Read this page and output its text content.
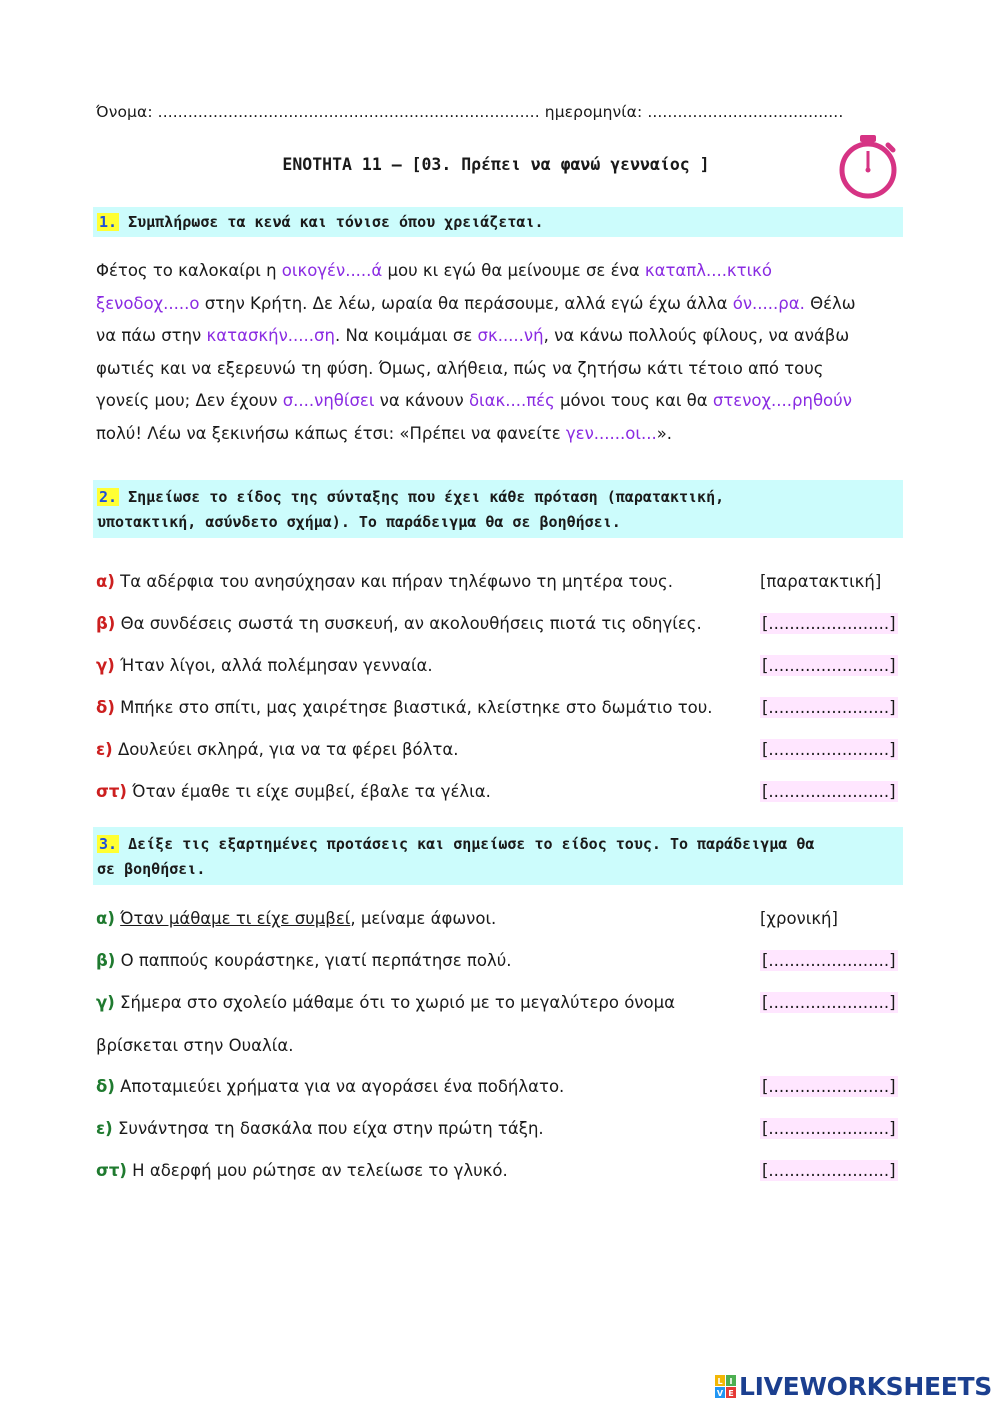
Όνομα: ............................................................................ ημερομηνία: .......................................
ΕΝΟΤΗΤΑ 11 – [03. Πρέπει να φανώ γενναίος ]
1. Συμπλήρωσε τα κενά και τόνισε όπου χρειάζεται.
Φέτος το καλοκαίρι η οικογέν.....ά μου κι εγώ θα μείνουμε σε ένα καταπλ....κτικό
ξενοδοχ.....ο στην Κρήτη. Δε λέω, ωραία θα περάσουμε, αλλά εγώ έχω άλλα όν.....ρα. Θέλω
να πάω στην κατασκήν.....ση. Να κοιμάμαι σε σκ.....νή, να κάνω πολλούς φίλους, να ανάβω
φωτιές και να εξερευνώ τη φύση. Όμως, αλήθεια, πώς να ζητήσω κάτι τέτοιο από τους
γονείς μου; Δεν έχουν σ....νηθίσει να κάνουν διακ....πές μόνοι τους και θα στενοχ....ρηθούν
πολύ! Λέω να ξεκινήσω κάπως έτσι: «Πρέπει να φανείτε γεν......οι...».
2. Σημείωσε το είδος της σύνταξης που έχει κάθε πρόταση (παρατακτική,
υποτακτική, ασύνδετο σχήμα). Το παράδειγμα θα σε βοηθήσει.
α) Τα αδέρφια του ανησύχησαν και πήραν τηλέφωνο τη μητέρα τους.	[παρατακτική]
β) Θα συνδέσεις σωστά τη συσκευή, αν ακολουθήσεις πιοτά τις οδηγίες.	[.......................]
γ) Ήταν λίγοι, αλλά πολέμησαν γενναία.	[.......................]
δ) Μπήκε στο σπίτι, μας χαιρέτησε βιαστικά, κλείστηκε στο δωμάτιο του.	[.......................]
ε) Δουλεύει σκληρά, για να τα φέρει βόλτα.	[.......................]
στ) Όταν έμαθε τι είχε συμβεί, έβαλε τα γέλια.	[.......................]
3. Δείξε τις εξαρτημένες προτάσεις και σημείωσε το είδος τους. Το παράδειγμα θα
σε βοηθήσει.
α) Όταν μάθαμε τι είχε συμβεί, μείναμε άφωνοι.	[χρονική]
β) Ο παππούς κουράστηκε, γιατί περπάτησε πολύ.	[.......................]
γ) Σήμερα στο σχολείο μάθαμε ότι το χωριό με το μεγαλύτερο όνομα
βρίσκεται στην Ουαλία.
[.......................]
δ) Αποταμιεύει χρήματα για να αγοράσει ένα ποδήλατο.	[.......................]
ε) Συνάντησα τη δασκάλα που είχα στην πρώτη τάξη.	[.......................]
στ) Η αδερφή μου ρώτησε αν τελείωσε το γλυκό.	[.......................]
L I
V E LIVEWORKSHEETS
